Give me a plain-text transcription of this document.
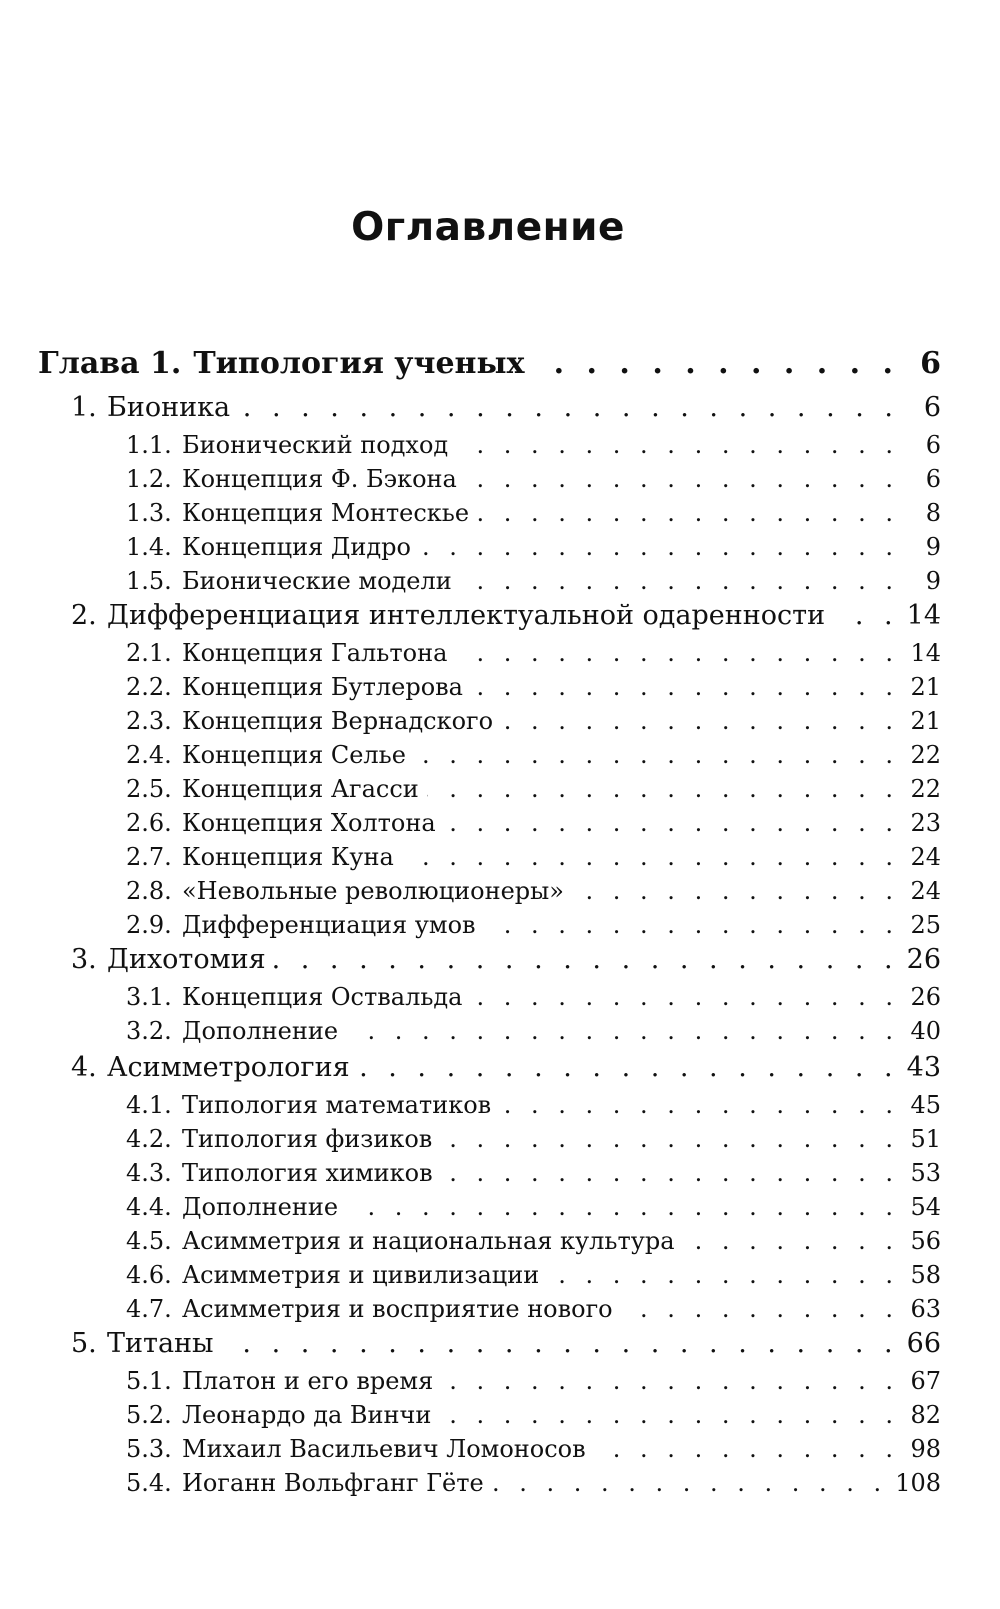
Оглавление
Глава 1. Типология ученых . . .	6
1. Бионика . . .	6
1.1. Бионический подход . . .	6
1.2. Концепция Ф. Бэкона . . .	6
1.3. Концепция Монтескье . . .	8
1.4. Концепция Дидро . . .	9
1.5. Бионические модели . . .	9
2. Дифференциация интеллектуальной одаренности . . .	14
2.1. Концепция Гальтона . . .	14
2.2. Концепция Бутлерова . . .	21
2.3. Концепция Вернадского . . .	21
2.4. Концепция Селье . . .	22
2.5. Концепция Агасси . . .	22
2.6. Концепция Холтона . . .	23
2.7. Концепция Куна . . .	24
2.8. «Невольные революционеры» . . .	24
2.9. Дифференциация умов . . .	25
3. Дихотомия . . .	26
3.1. Концепция Оствальда . . .	26
3.2. Дополнение . . .	40
4. Асимметрология . . .	43
4.1. Типология математиков . . .	45
4.2. Типология физиков . . .	51
4.3. Типология химиков . . .	53
4.4. Дополнение . . .	54
4.5. Асимметрия и национальная культура . . .	56
4.6. Асимметрия и цивилизации . . .	58
4.7. Асимметрия и восприятие нового . . .	63
5. Титаны . . .	66
5.1. Платон и его время . . .	67
5.2. Леонардо да Винчи . . .	82
5.3. Михаил Васильевич Ломоносов . . .	98
5.4. Иоганн Вольфганг Гёте . . .	108
